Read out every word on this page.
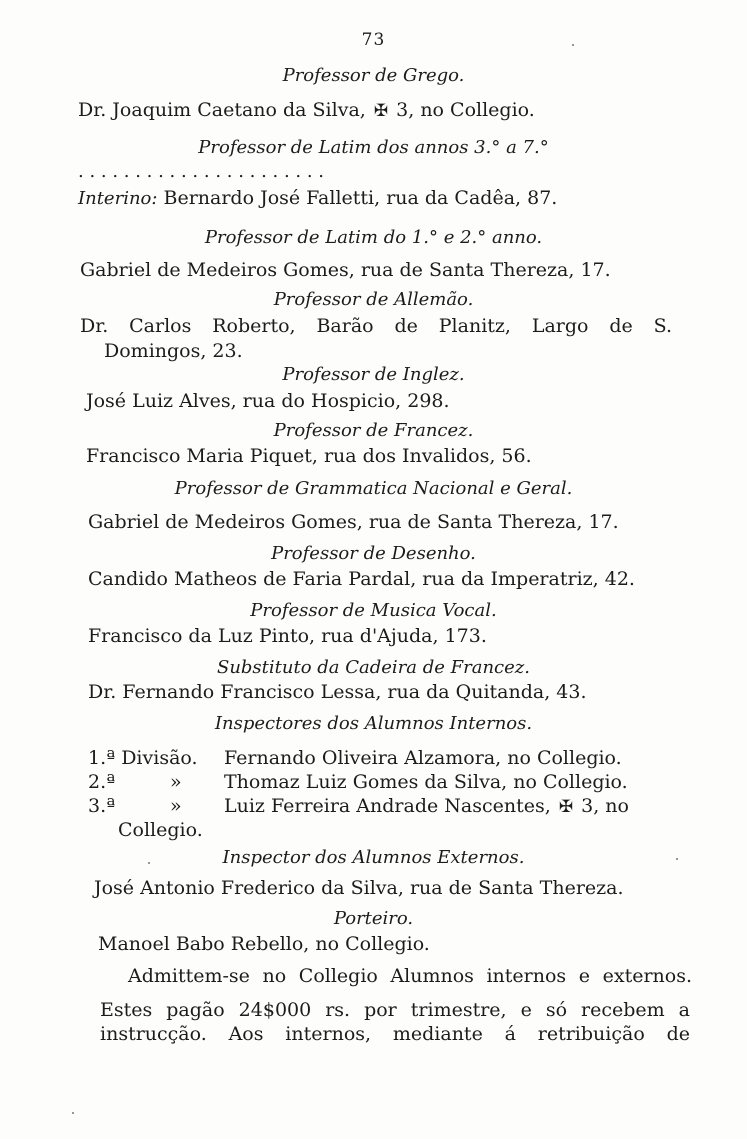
73
Professor de Grego.
Dr. Joaquim Caetano da Silva, ✠ 3, no Collegio.
Professor de Latim dos annos 3.° a 7.°
. . . . . . . . . . . . . . . . . . . . . .
Interino: Bernardo José Falletti, rua da Cadêa, 87.
Professor de Latim do 1.° e 2.° anno.
Gabriel de Medeiros Gomes, rua de Santa Thereza, 17.
Professor de Allemão.
Dr. Carlos Roberto, Barão de Planitz, Largo de S.
Domingos, 23.
Professor de Inglez.
José Luiz Alves, rua do Hospicio, 298.
Professor de Francez.
Francisco Maria Piquet, rua dos Invalidos, 56.
Professor de Grammatica Nacional e Geral.
Gabriel de Medeiros Gomes, rua de Santa Thereza, 17.
Professor de Desenho.
Candido Matheos de Faria Pardal, rua da Imperatriz, 42.
Professor de Musica Vocal.
Francisco da Luz Pinto, rua d'Ajuda, 173.
Substituto da Cadeira de Francez.
Dr. Fernando Francisco Lessa, rua da Quitanda, 43.
Inspectores dos Alumnos Internos.
1.ª Divisão. Fernando Oliveira Alzamora, no Collegio.
2.ª	» Thomaz Luiz Gomes da Silva, no Collegio.
3.ª	» Luiz Ferreira Andrade Nascentes, ✠ 3, no
Collegio.
Inspector dos Alumnos Externos.
José Antonio Frederico da Silva, rua de Santa Thereza.
Porteiro.
Manoel Babo Rebello, no Collegio.
Admittem-se no Collegio Alumnos internos e externos.
Estes pagão 24$000 rs. por trimestre, e só recebem a
instrucção. Aos internos, mediante á retribuição de
